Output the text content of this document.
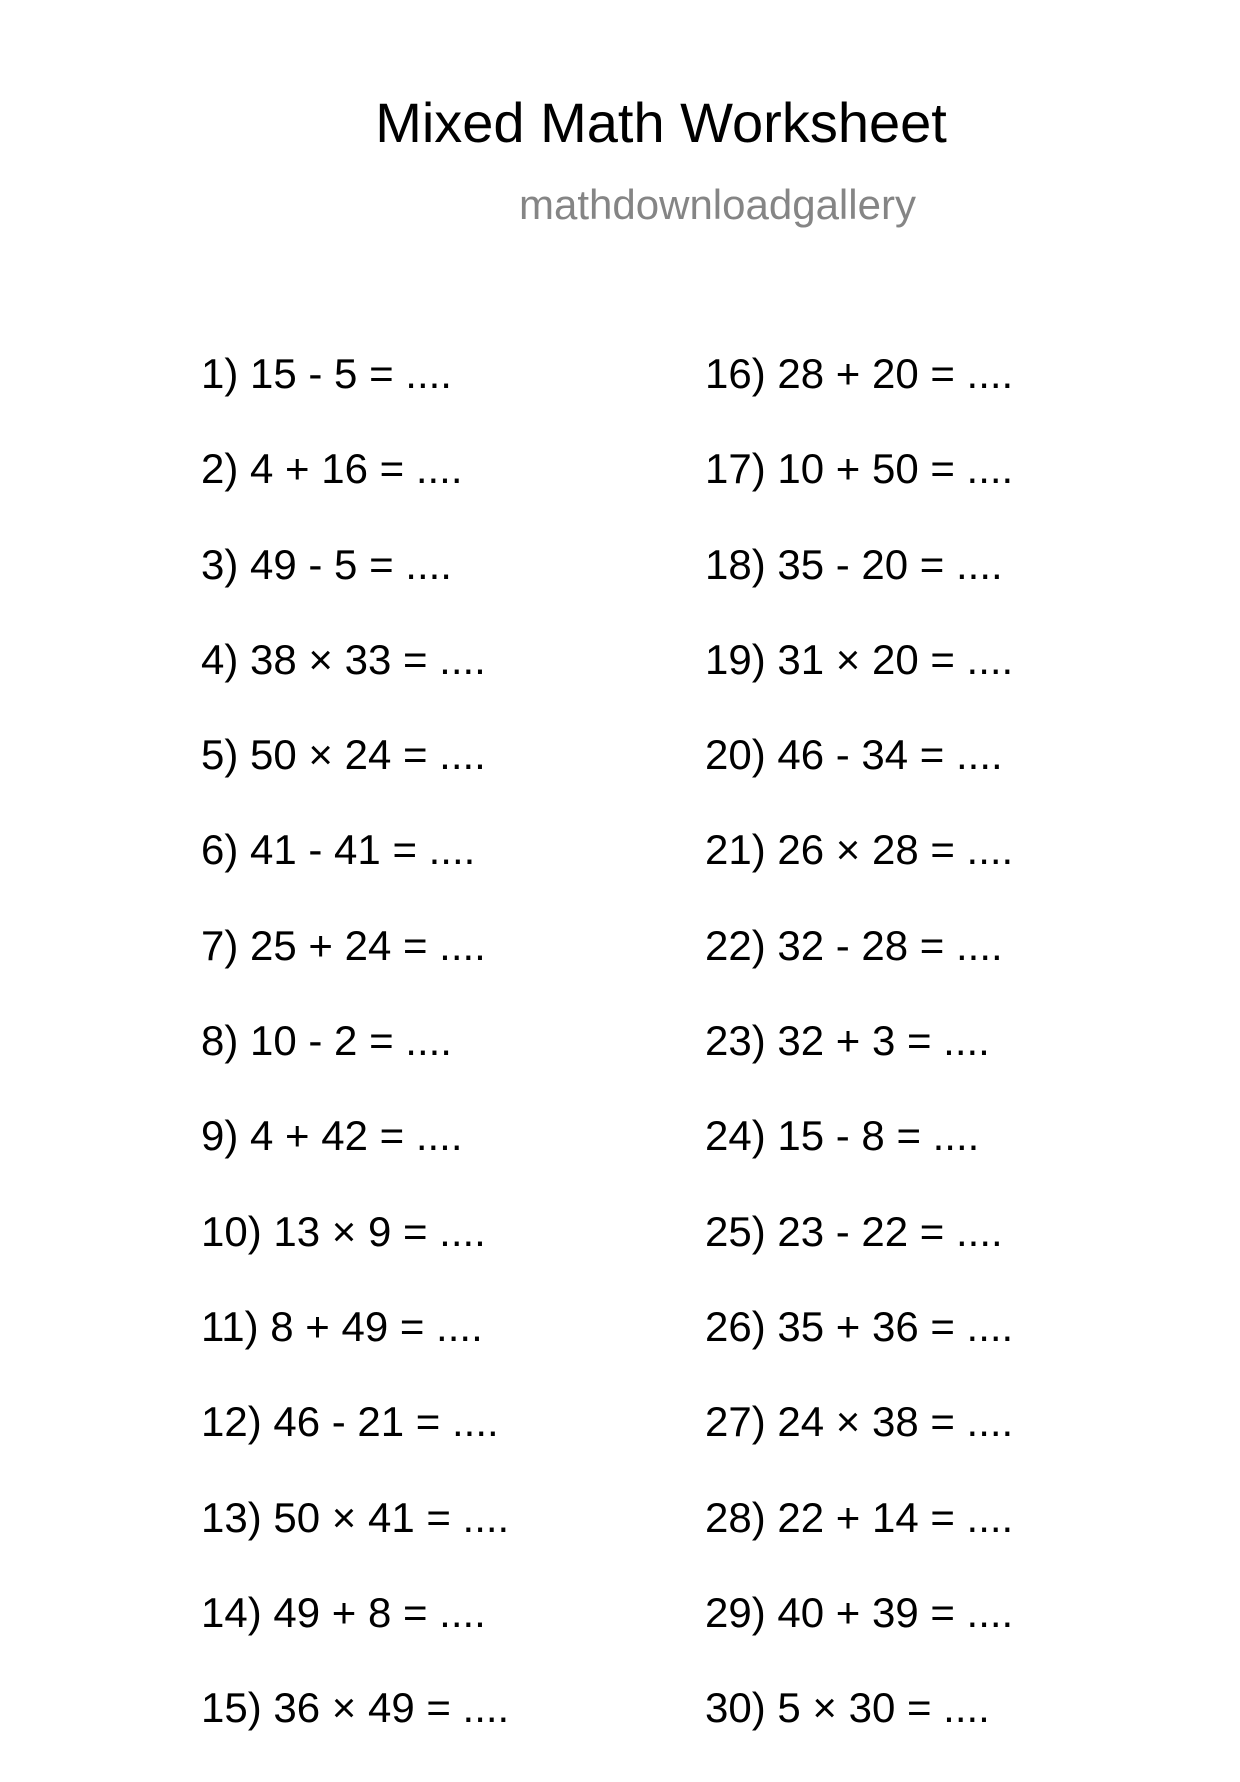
Mixed Math Worksheet
mathdownloadgallery
1) 15 - 5 = ....
2) 4 + 16 = ....
3) 49 - 5 = ....
4) 38 × 33 = ....
5) 50 × 24 = ....
6) 41 - 41 = ....
7) 25 + 24 = ....
8) 10 - 2 = ....
9) 4 + 42 = ....
10) 13 × 9 = ....
11) 8 + 49 = ....
12) 46 - 21 = ....
13) 50 × 41 = ....
14) 49 + 8 = ....
15) 36 × 49 = ....
16) 28 + 20 = ....
17) 10 + 50 = ....
18) 35 - 20 = ....
19) 31 × 20 = ....
20) 46 - 34 = ....
21) 26 × 28 = ....
22) 32 - 28 = ....
23) 32 + 3 = ....
24) 15 - 8 = ....
25) 23 - 22 = ....
26) 35 + 36 = ....
27) 24 × 38 = ....
28) 22 + 14 = ....
29) 40 + 39 = ....
30) 5 × 30 = ....
